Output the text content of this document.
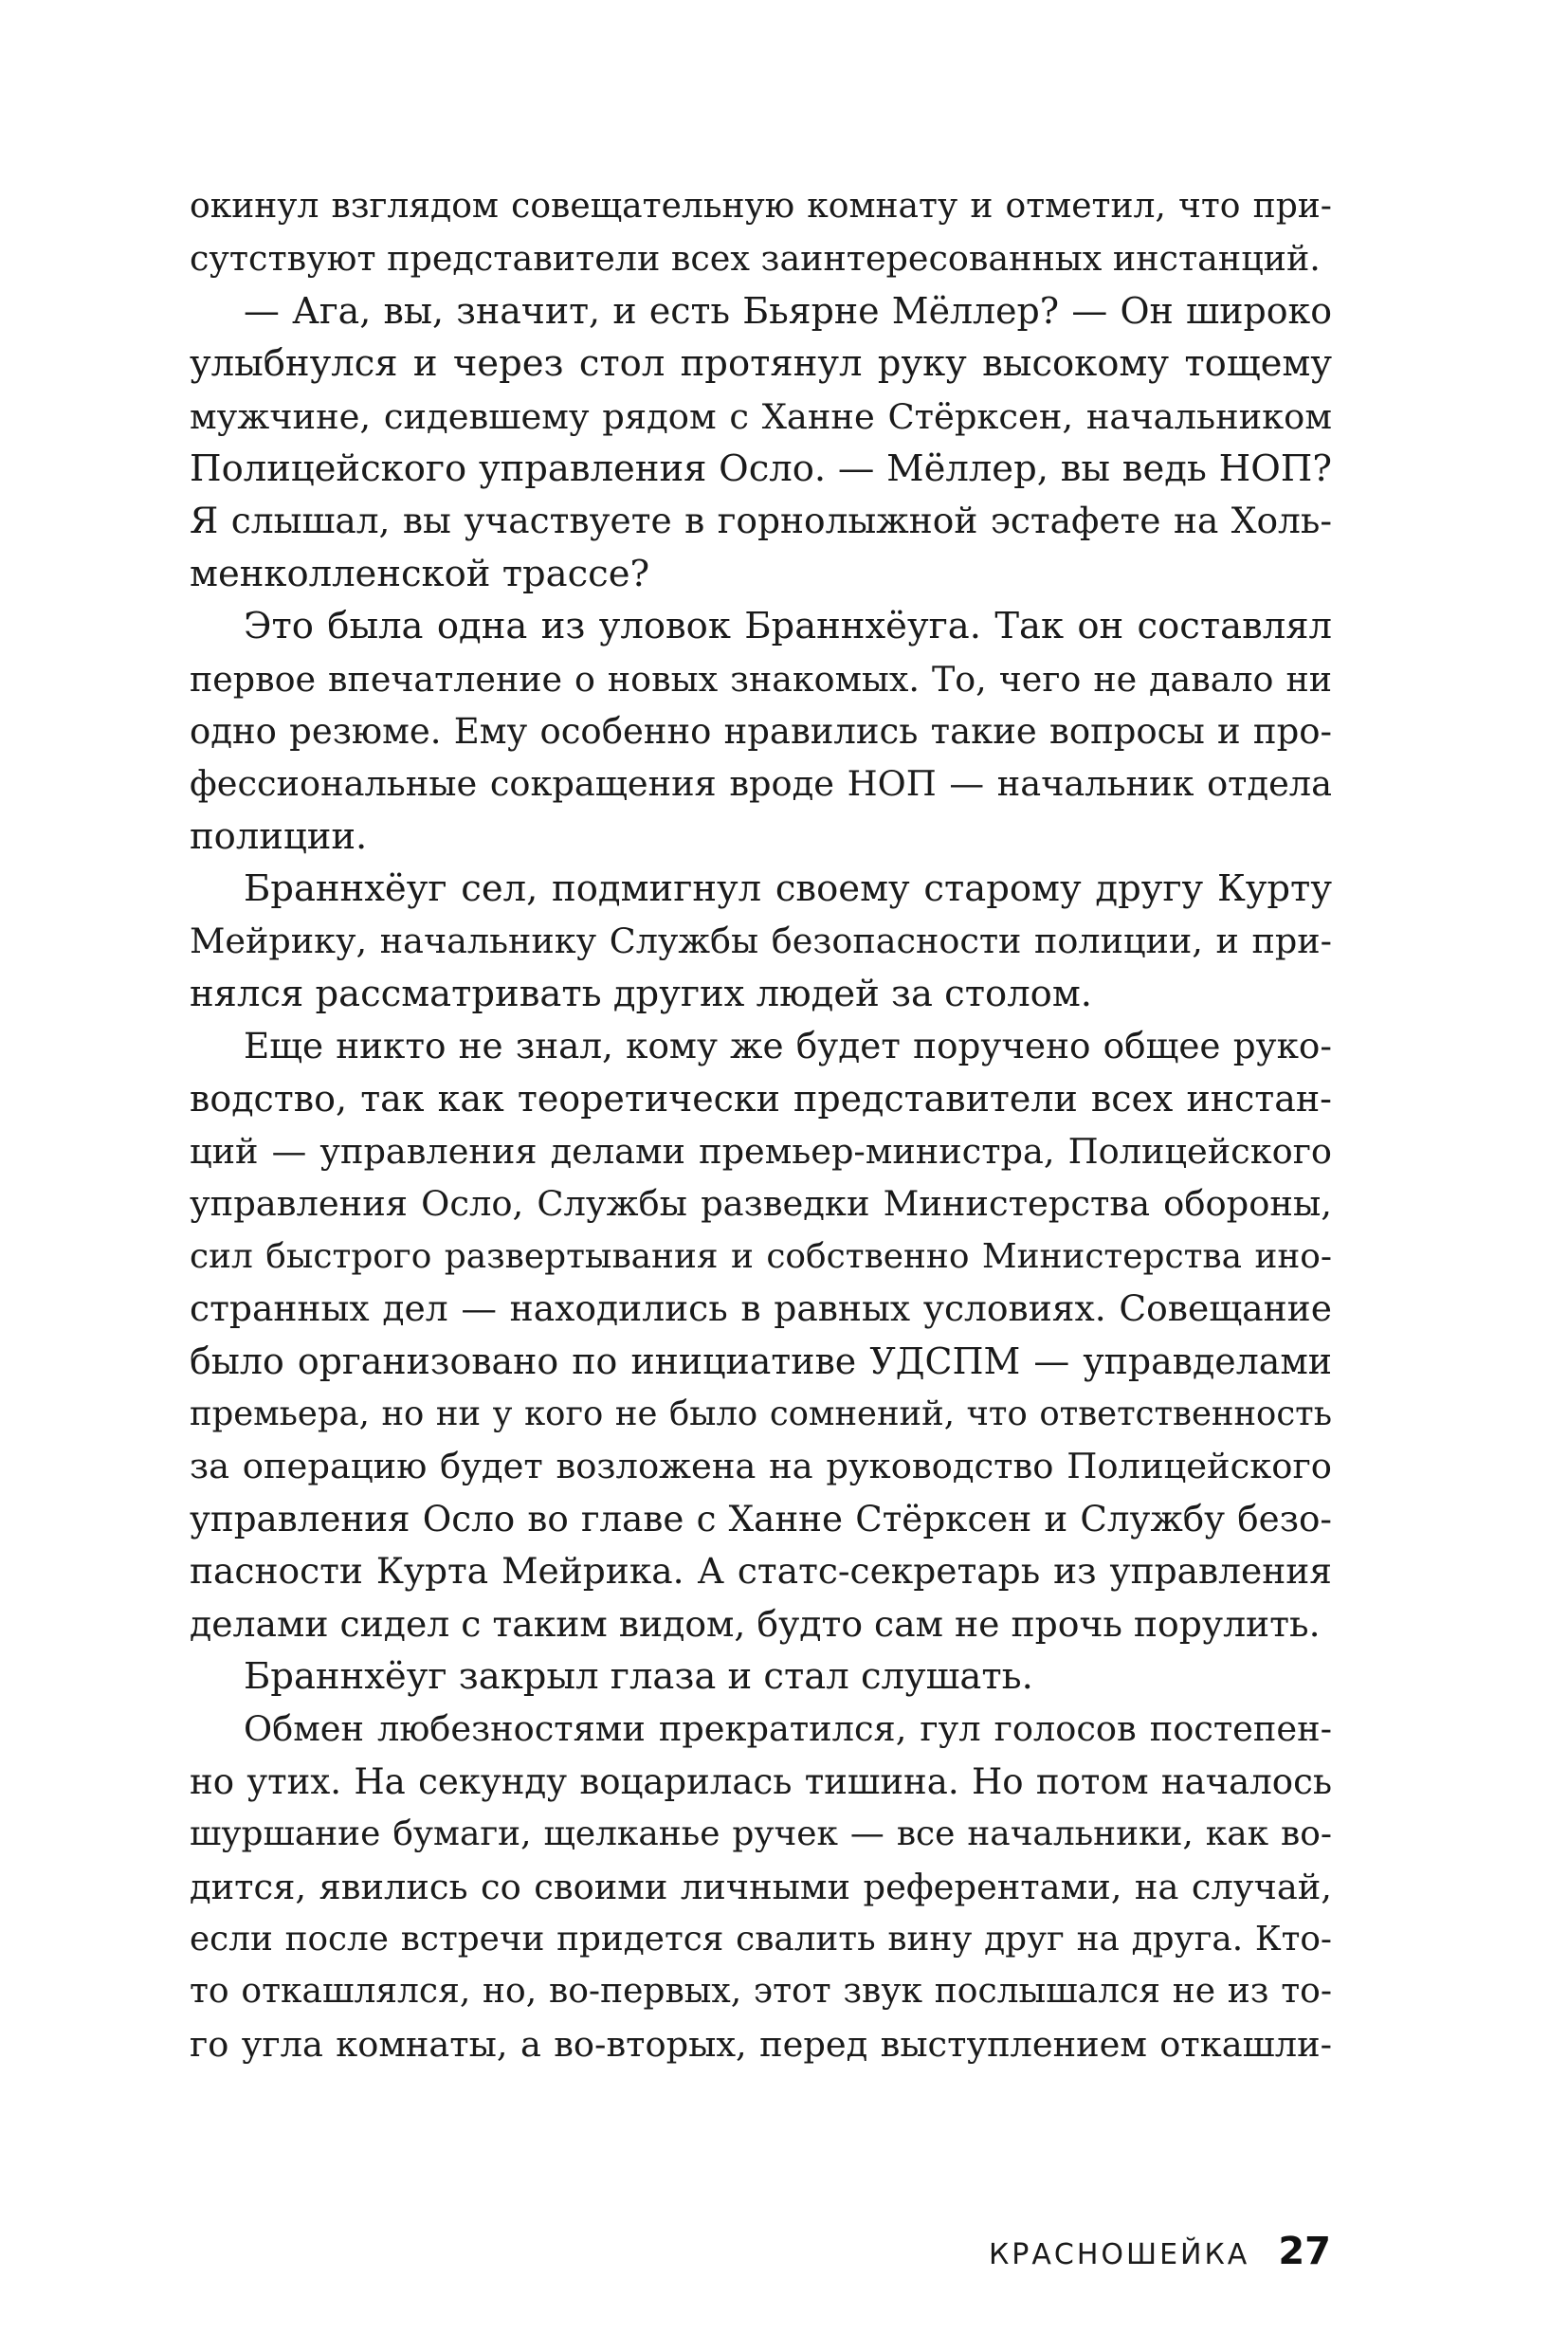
окинул взглядом совещательную комнату и отметил, что при-
сутствуют представители всех заинтересованных инстанций.
— Ага, вы, значит, и есть Бьярне Мёллер? — Он широко
улыбнулся и через стол протянул руку высокому тощему
мужчине, сидевшему рядом с Ханне Стёрксен, начальником
Полицейского управления Осло. — Мёллер, вы ведь НОП?
Я слышал, вы участвуете в горнолыжной эстафете на Холь-
менколленской трассе?
Это была одна из уловок Браннхёуга. Так он составлял
первое впечатление о новых знакомых. То, чего не давало ни
одно резюме. Ему особенно нравились такие вопросы и про-
фессиональные сокращения вроде НОП — начальник отдела
полиции.
Браннхёуг сел, подмигнул своему старому другу Курту
Мейрику, начальнику Службы безопасности полиции, и при-
нялся рассматривать других людей за столом.
Еще никто не знал, кому же будет поручено общее руко-
водство, так как теоретически представители всех инстан-
ций — управления делами премьер-министра, Полицейского
управления Осло, Службы разведки Министерства обороны,
сил быстрого развертывания и собственно Министерства ино-
странных дел — находились в равных условиях. Совещание
было организовано по инициативе УДСПМ — управделами
премьера, но ни у кого не было сомнений, что ответственность
за операцию будет возложена на руководство Полицейского
управления Осло во главе с Ханне Стёрксен и Службу безо-
пасности Курта Мейрика. А статс-секретарь из управления
делами сидел с таким видом, будто сам не прочь порулить.
Браннхёуг закрыл глаза и стал слушать.
Обмен любезностями прекратился, гул голосов постепен-
но утих. На секунду воцарилась тишина. Но потом началось
шуршание бумаги, щелканье ручек — все начальники, как во-
дится, явились со своими личными референтами, на случай,
если после встречи придется свалить вину друг на друга. Кто-
то откашлялся, но, во-первых, этот звук послышался не из то-
го угла комнаты, а во-вторых, перед выступлением откашли-
КРАСНОШЕЙКА 27
